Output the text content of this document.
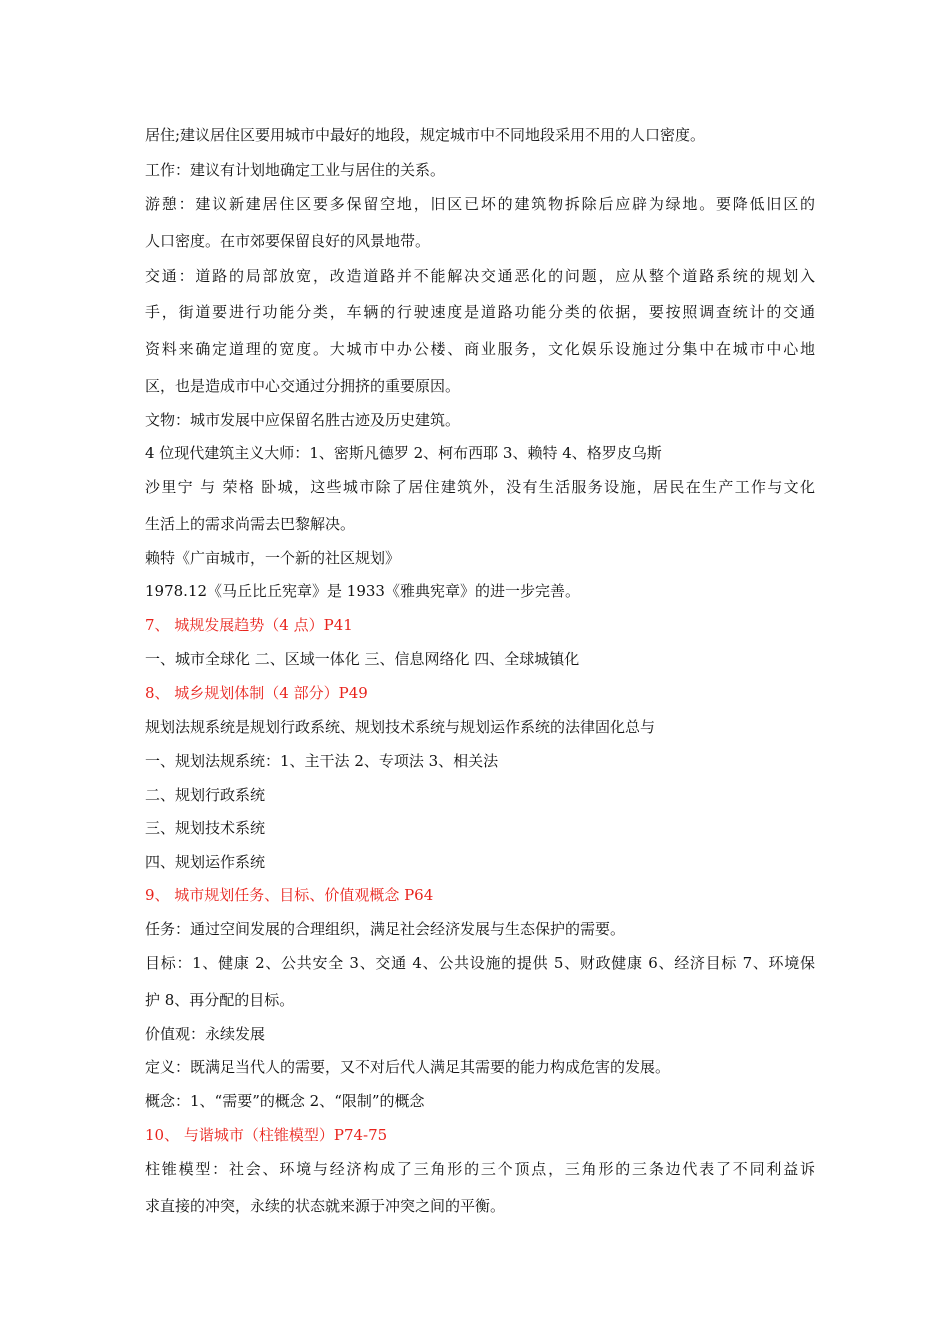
居住;建议居住区要用城市中最好的地段，规定城市中不同地段采用不用的人口密度。
工作：建议有计划地确定工业与居住的关系。
游憩：建议新建居住区要多保留空地，旧区已坏的建筑物拆除后应辟为绿地。要降低旧区的
人口密度。在市郊要保留良好的风景地带。
交通：道路的局部放宽，改造道路并不能解决交通恶化的问题，应从整个道路系统的规划入
手，街道要进行功能分类，车辆的行驶速度是道路功能分类的依据，要按照调查统计的交通
资料来确定道理的宽度。大城市中办公楼、商业服务，文化娱乐设施过分集中在城市中心地
区，也是造成市中心交通过分拥挤的重要原因。
文物：城市发展中应保留名胜古迹及历史建筑。
4 位现代建筑主义大师：1、密斯凡德罗 2、柯布西耶 3、赖特 4、格罗皮乌斯
沙里宁 与 荣格 卧城，这些城市除了居住建筑外，没有生活服务设施，居民在生产工作与文化
生活上的需求尚需去巴黎解决。
赖特《广亩城市，一个新的社区规划》
1978.12《马丘比丘宪章》是 1933《雅典宪章》的进一步完善。
7、 城规发展趋势（4 点）P41
一、城市全球化 二、区域一体化 三、信息网络化 四、全球城镇化
8、 城乡规划体制（4 部分）P49
规划法规系统是规划行政系统、规划技术系统与规划运作系统的法律固化总与
一、规划法规系统：1、主干法 2、专项法 3、相关法
二、规划行政系统
三、规划技术系统
四、规划运作系统
9、 城市规划任务、目标、价值观概念 P64
任务：通过空间发展的合理组织，满足社会经济发展与生态保护的需要。
目标：1、健康 2、公共安全 3、交通 4、公共设施的提供 5、财政健康 6、经济目标 7、环境保
护 8、再分配的目标。
价值观：永续发展
定义：既满足当代人的需要，又不对后代人满足其需要的能力构成危害的发展。
概念：1、“需要”的概念 2、“限制”的概念
10、 与谐城市（柱锥模型）P74-75
柱锥模型：社会、环境与经济构成了三角形的三个顶点，三角形的三条边代表了不同利益诉
求直接的冲突，永续的状态就来源于冲突之间的平衡。
